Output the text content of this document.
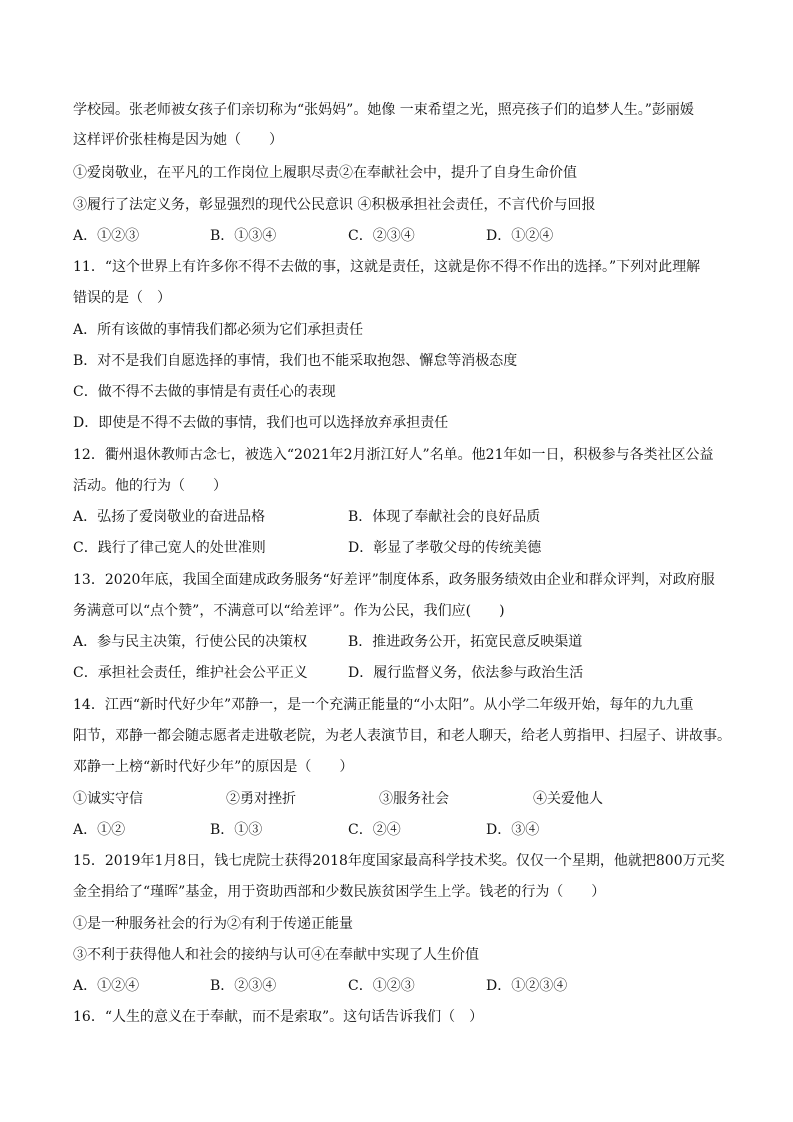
学校园。张老师被女孩子们亲切称为“张妈妈”。她像 一束希望之光，照亮孩子们的追梦人生。”彭丽媛
这样评价张桂梅是因为她（　　）
①爱岗敬业，在平凡的工作岗位上履职尽责②在奉献社会中，提升了自身生命价值
③履行了法定义务，彰显强烈的现代公民意识 ④积极承担社会责任，不言代价与回报
A．①②③	B．①③④	C．②③④	D．①②④
11．“这个世界上有许多你不得不去做的事，这就是责任，这就是你不得不作出的选择。”下列对此理解
错误的是（　）
A．所有该做的事情我们都必须为它们承担责任
B．对不是我们自愿选择的事情，我们也不能采取抱怨、懈怠等消极态度
C．做不得不去做的事情是有责任心的表现
D．即使是不得不去做的事情，我们也可以选择放弃承担责任
12．衢州退休教师古念七，被选入“2021年2月浙江好人”名单。他21年如一日，积极参与各类社区公益
活动。他的行为（　　）
A．弘扬了爱岗敬业的奋进品格	B．体现了奉献社会的良好品质
C．践行了律己宽人的处世准则	D．彰显了孝敬父母的传统美德
13．2020年底，我国全面建成政务服务“好差评”制度体系，政务服务绩效由企业和群众评判，对政府服
务满意可以“点个赞”，不满意可以“给差评”。作为公民，我们应(　　)
A．参与民主决策，行使公民的决策权	B．推进政务公开，拓宽民意反映渠道
C．承担社会责任，维护社会公平正义	D．履行监督义务，依法参与政治生活
14．江西“新时代好少年”邓静一，是一个充满正能量的“小太阳”。从小学二年级开始，每年的九九重
阳节，邓静一都会随志愿者走进敬老院，为老人表演节目，和老人聊天，给老人剪指甲、扫屋子、讲故事。
邓静一上榜“新时代好少年”的原因是（　　）
①诚实守信	②勇对挫折	③服务社会	④关爱他人
A．①②	B．①③	C．②④	D．③④
15．2019年1月8日，钱七虎院士获得2018年度国家最高科学技术奖。仅仅一个星期，他就把800万元奖
金全捐给了“瑾晖”基金，用于资助西部和少数民族贫困学生上学。钱老的行为（　　）
①是一种服务社会的行为②有利于传递正能量
③不利于获得他人和社会的接纳与认可④在奉献中实现了人生价值
A．①②④	B．②③④	C．①②③	D．①②③④
16．“人生的意义在于奉献，而不是索取”。这句话告诉我们（　）
